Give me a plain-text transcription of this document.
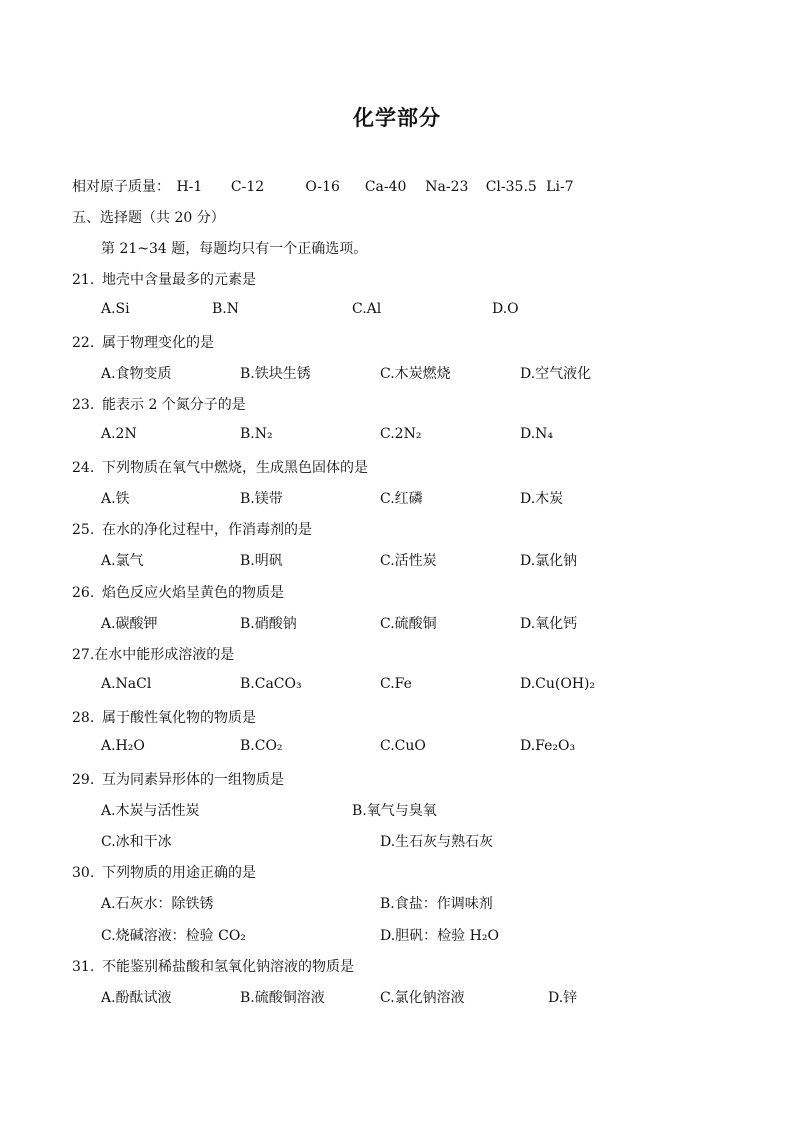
化学部分
相对原子质量： H-1 C-12	O-16 Ca-40 Na-23 Cl-35.5 Li-7
五、选择题（共 20 分）
第 21~34 题，每题均只有一个正确选项。
21. 地壳中含量最多的元素是
A.Si	B.N	C.Al	D.O
22. 属于物理变化的是
A.食物变质	B.铁块生锈	C.木炭燃烧	D.空气液化
23. 能表示 2 个氮分子的是
A.2N	B.N₂	C.2N₂	D.N₄
24. 下列物质在氧气中燃烧，生成黑色固体的是
A.铁	B.镁带	C.红磷	D.木炭
25. 在水的净化过程中，作消毒剂的是
A.氯气	B.明矾	C.活性炭	D.氯化钠
26. 焰色反应火焰呈黄色的物质是
A.碳酸钾	B.硝酸钠	C.硫酸铜	D.氧化钙
27.在水中能形成溶液的是
A.NaCl	B.CaCO₃	C.Fe	D.Cu(OH)₂
28. 属于酸性氧化物的物质是
A.H₂O	B.CO₂	C.CuO	D.Fe₂O₃
29. 互为同素异形体的一组物质是
A.木炭与活性炭	B.氧气与臭氧
C.冰和干冰	D.生石灰与熟石灰
30. 下列物质的用途正确的是
A.石灰水：除铁锈	B.食盐：作调味剂
C.烧碱溶液：检验 CO₂	D.胆矾：检验 H₂O
31. 不能鉴别稀盐酸和氢氧化钠溶液的物质是
A.酚酞试液	B.硫酸铜溶液	C.氯化钠溶液	D.锌
